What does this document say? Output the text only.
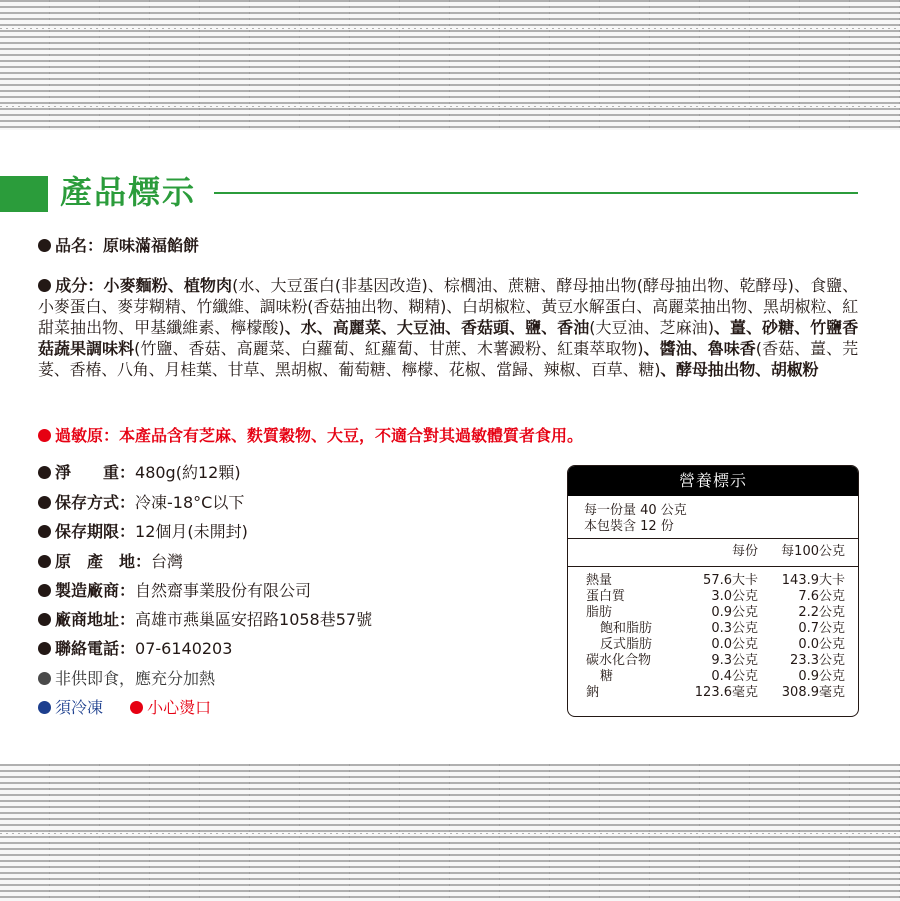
產品標示
品名：原味滿福餡餅
成分：小麥麵粉、植物肉(水、大豆蛋白(非基因改造)、棕櫚油、蔗糖、酵母抽出物(酵母抽出物、乾酵母)、食鹽、小麥蛋白、麥芽糊精、竹纖維、調味粉(香菇抽出物、糊精)、白胡椒粒、黃豆水解蛋白、高麗菜抽出物、黑胡椒粒、紅甜菜抽出物、甲基纖維素、檸檬酸)、水、高麗菜、大豆油、香菇頭、鹽、香油(大豆油、芝麻油)、薑、砂糖、竹鹽香菇蔬果調味料(竹鹽、香菇、高麗菜、白蘿蔔、紅蘿蔔、甘蔗、木薯澱粉、紅棗萃取物)、醬油、魯味香(香菇、薑、芫荽、香椿、八角、月桂葉、甘草、黑胡椒、葡萄糖、檸檬、花椒、當歸、辣椒、百草、糖)、酵母抽出物、胡椒粉
過敏原：本產品含有芝麻、麩質穀物、大豆，不適合對其過敏體質者食用。
淨　　重：480g(約12顆)
保存方式：冷凍-18°C以下
保存期限：12個月(未開封)
原　產　地：台灣
製造廠商：自然齋事業股份有限公司
廠商地址：高雄市燕巢區安招路1058巷57號
聯絡電話：07-6140203
非供即食，應充分加熱
須冷凍	小心燙口
營養標示
每一份量 40 公克
本包裝含 12 份
每份 每100公克
熱量	57.6大卡 143.9大卡
蛋白質	3.0公克	7.6公克
脂肪	0.9公克	2.2公克
飽和脂肪	0.3公克	0.7公克
反式脂肪	0.0公克	0.0公克
碳水化合物	9.3公克 23.3公克
糖	0.4公克	0.9公克
鈉	123.6毫克 308.9毫克
